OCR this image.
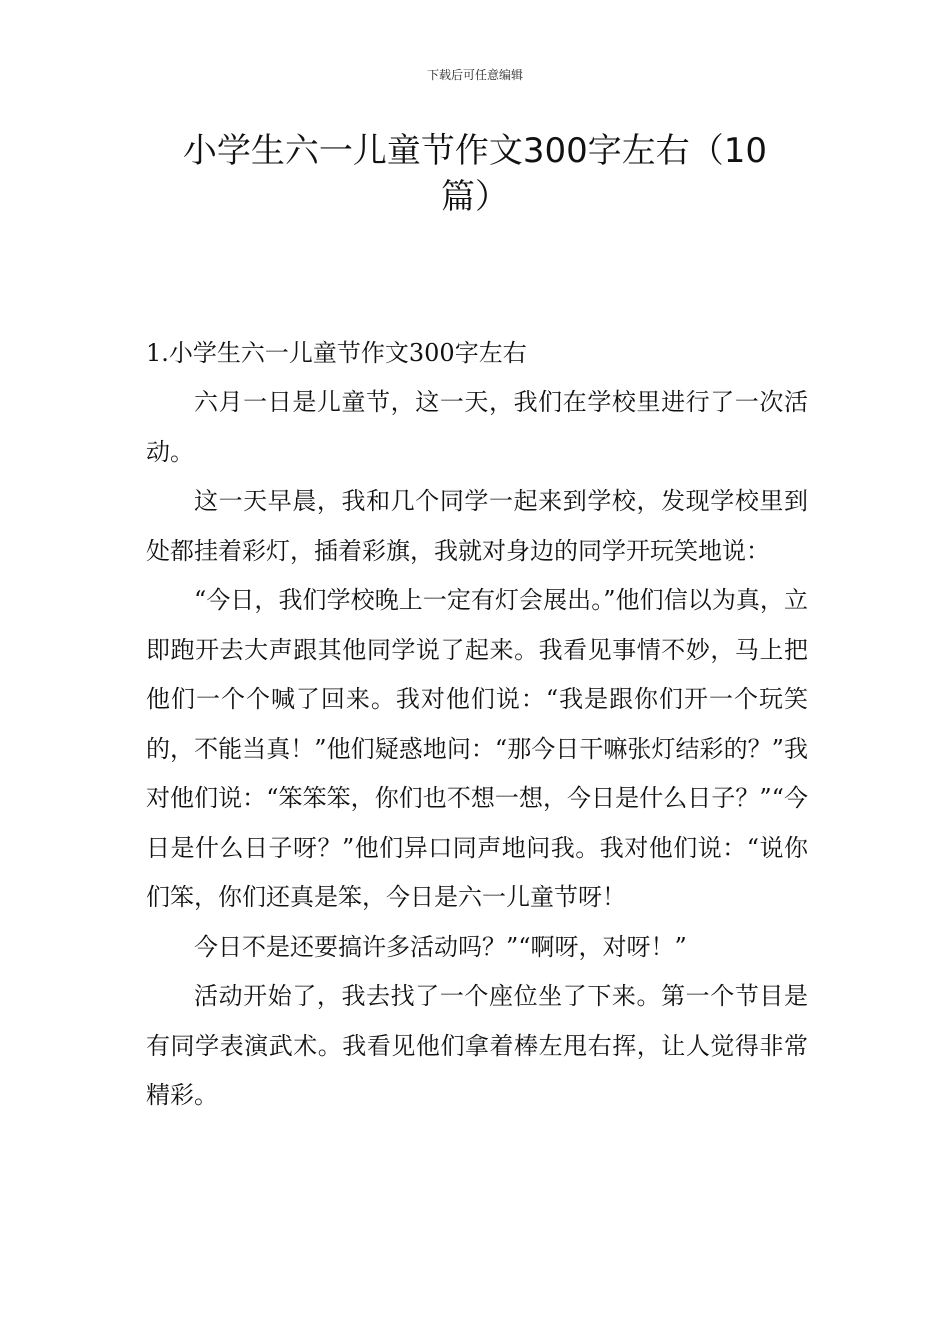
下载后可任意编辑
小学生六一儿童节作文300字左右（10篇）
1.小学生六一儿童节作文300字左右

六月一日是儿童节，这一天，我们在学校里进行了一次活动。

这一天早晨，我和几个同学一起来到学校，发现学校里到处都挂着彩灯，插着彩旗，我就对身边的同学开玩笑地说：

“今日，我们学校晚上一定有灯会展出。”他们信以为真，立即跑开去大声跟其他同学说了起来。我看见事情不妙，马上把他们一个个喊了回来。我对他们说：“我是跟你们开一个玩笑的，不能当真！”他们疑惑地问：“那今日干嘛张灯结彩的？”我对他们说：“笨笨笨，你们也不想一想，今日是什么日子？”“今日是什么日子呀？”他们异口同声地问我。我对他们说：“说你们笨，你们还真是笨，今日是六一儿童节呀！

今日不是还要搞许多活动吗？”“啊呀，对呀！”

活动开始了，我去找了一个座位坐了下来。第一个节目是有同学表演武术。我看见他们拿着棒左甩右挥，让人觉得非常精彩。
